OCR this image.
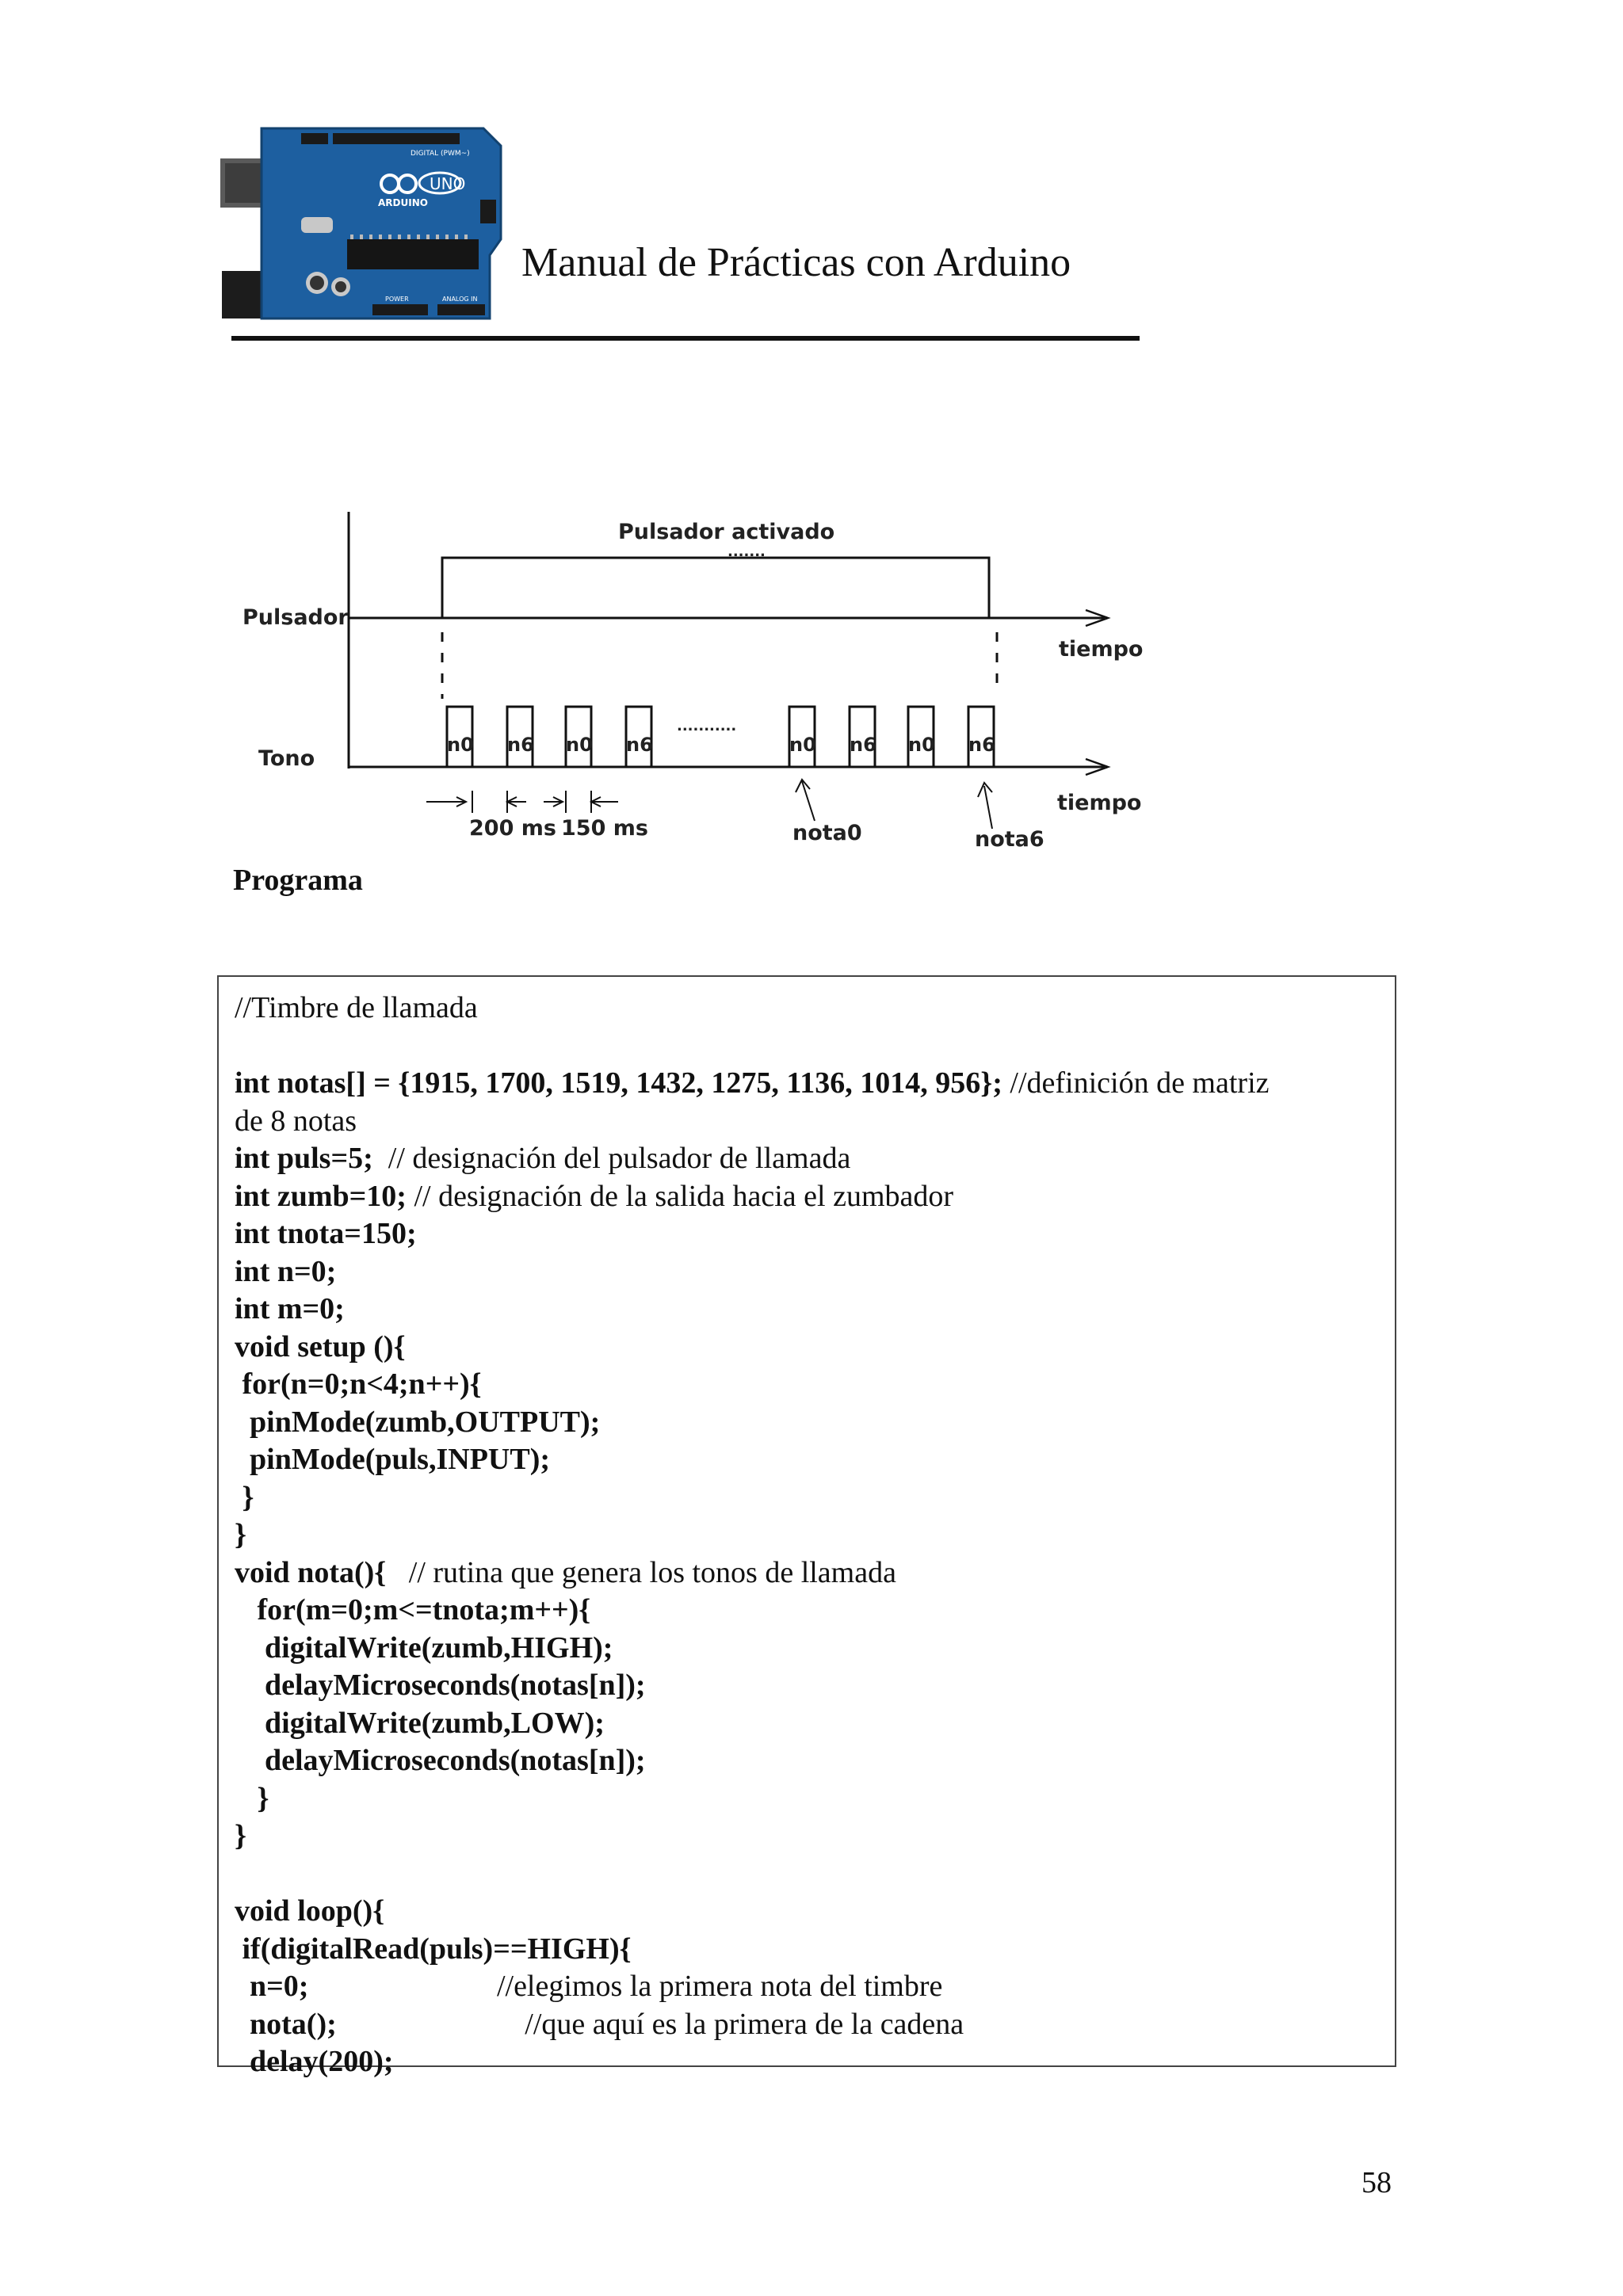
UNO
ARDUINO
DIGITAL (PWM~)
POWER	ANALOG IN
Manual de Prácticas con Arduino
n0 n6 n0 n6	n0 n6 n0 n6
Pulsador activado
.......
Pulsador
tiempo
Tono
...........
tiempo
200 ms 150 ms	nota0	nota6
Programa
//Timbre de llamada
int notas[] = {1915, 1700, 1519, 1432, 1275, 1136, 1014, 956}; //definición de matriz
de 8 notas
int puls=5;  // designación del pulsador de llamada
int zumb=10; // designación de la salida hacia el zumbador
int tnota=150;
int n=0;
int m=0;
void setup (){
for(n=0;n<4;n++){
pinMode(zumb,OUTPUT);
pinMode(puls,INPUT);
}
}
void nota(){   // rutina que genera los tonos de llamada
for(m=0;m<=tnota;m++){
digitalWrite(zumb,HIGH);
delayMicroseconds(notas[n]);
digitalWrite(zumb,LOW);
delayMicroseconds(notas[n]);
}
}
void loop(){
if(digitalRead(puls)==HIGH){
n=0;                         //elegimos la primera nota del timbre
nota();                         //que aquí es la primera de la cadena
delay(200);
58
